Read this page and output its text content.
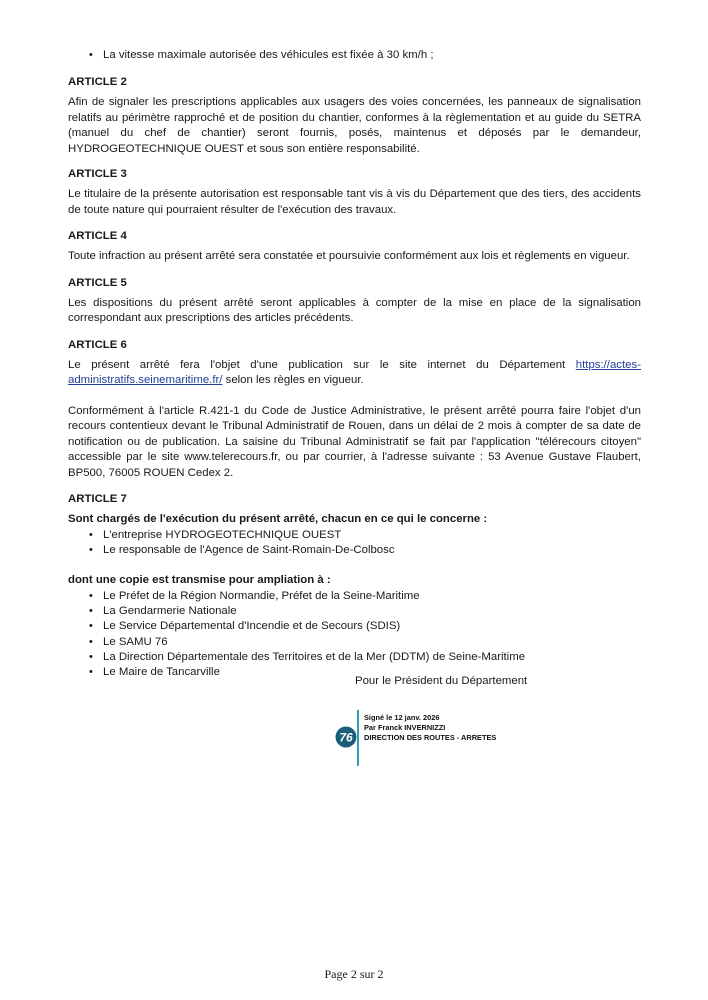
• La vitesse maximale autorisée des véhicules est fixée à 30 km/h ;

ARTICLE 2

Afin de signaler les prescriptions applicables aux usagers des voies concernées, les panneaux de signalisation relatifs au périmètre rapproché et de position du chantier, conformes à la règlementation et au guide du SETRA (manuel du chef de chantier) seront fournis, posés, maintenus et déposés par le demandeur, HYDROGEOTECHNIQUE OUEST et sous son entière responsabilité.

ARTICLE 3

Le titulaire de la présente autorisation est responsable tant vis à vis du Département que des tiers, des accidents de toute nature qui pourraient résulter de l'exécution des travaux.

ARTICLE 4

Toute infraction au présent arrêté sera constatée et poursuivie conformément aux lois et règlements en vigueur.

ARTICLE 5

Les dispositions du présent arrêté seront applicables à compter de la mise en place de la signalisation correspondant aux prescriptions des articles précédents.

ARTICLE 6

Le présent arrêté fera l'objet d'une publication sur le site internet du Département https://actes-administratifs.seinemaritime.fr/ selon les règles en vigueur.

Conformément à l'article R.421-1 du Code de Justice Administrative, le présent arrêté pourra faire l'objet d'un recours contentieux devant le Tribunal Administratif de Rouen, dans un délai de 2 mois à compter de sa date de notification ou de publication. La saisine du Tribunal Administratif se fait par l'application "télérecours citoyen" accessible par le site www.telerecours.fr, ou par courrier, à l'adresse suivante : 53 Avenue Gustave Flaubert, BP500, 76005 ROUEN Cedex 2.

ARTICLE 7

Sont chargés de l'exécution du présent arrêté, chacun en ce qui le concerne :

• L'entreprise HYDROGEOTECHNIQUE OUEST
• Le responsable de l'Agence de Saint-Romain-De-Colbosc

dont une copie est transmise pour ampliation à :

• Le Préfet de la Région Normandie, Préfet de la Seine-Maritime
• La Gendarmerie Nationale
• Le Service Départemental d'Incendie et de Secours (SDIS)
• Le SAMU 76
• La Direction Départementale des Territoires et de la Mer (DDTM) de Seine-Maritime
• Le Maire de Tancarville
Pour le Président du Département
76
Signé le 12 janv. 2026
Par Franck INVERNIZZI
DIRECTION DES ROUTES - ARRETES
Page 2 sur 2
